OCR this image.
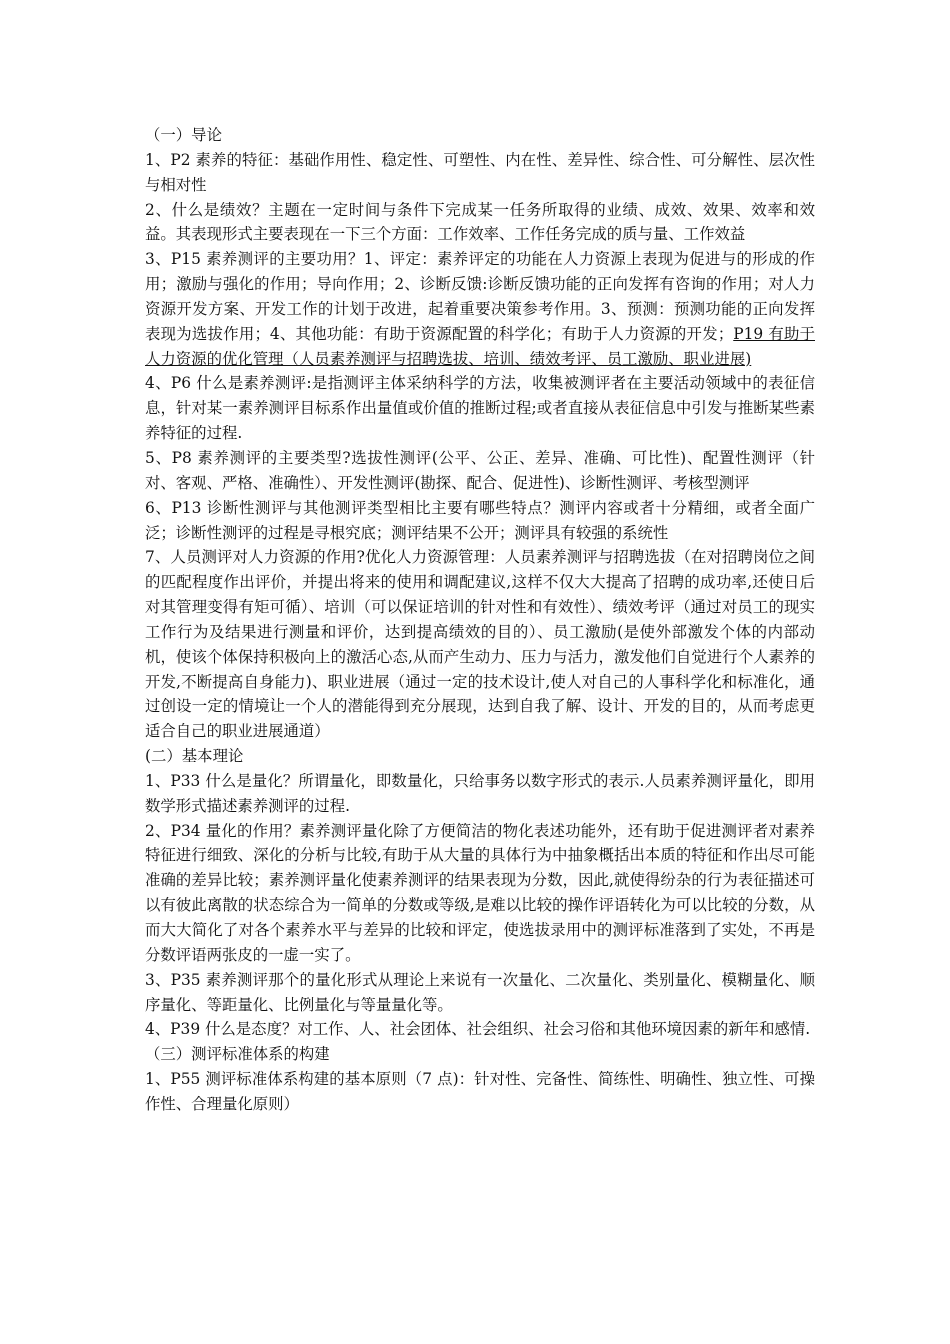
（一）导论

1、P2 素养的特征：基础作用性、稳定性、可塑性、内在性、差异性、综合性、可分解性、层次性与相对性

2、什么是绩效？主题在一定时间与条件下完成某一任务所取得的业绩、成效、效果、效率和效益。其表现形式主要表现在一下三个方面：工作效率、工作任务完成的质与量、工作效益

3、P15 素养测评的主要功用？1、评定：素养评定的功能在人力资源上表现为促进与的形成的作用；激励与强化的作用；导向作用；2、诊断反馈:诊断反馈功能的正向发挥有咨询的作用；对人力资源开发方案、开发工作的计划于改进，起着重要决策参考作用。3、预测：预测功能的正向发挥表现为选拔作用；4、其他功能：有助于资源配置的科学化；有助于人力资源的开发；P19 有助于人力资源的优化管理（人员素养测评与招聘选拔、培训、绩效考评、员工激励、职业进展)

4、P6 什么是素养测评:是指测评主体采纳科学的方法，收集被测评者在主要活动领域中的表征信息，针对某一素养测评目标系作出量值或价值的推断过程;或者直接从表征信息中引发与推断某些素养特征的过程.

5、P8 素养测评的主要类型?选拔性测评(公平、公正、差异、准确、可比性)、配置性测评（针对、客观、严格、准确性）、开发性测评(勘探、配合、促进性)、诊断性测评、考核型测评

6、P13 诊断性测评与其他测评类型相比主要有哪些特点？测评内容或者十分精细，或者全面广泛；诊断性测评的过程是寻根究底；测评结果不公开；测评具有较强的系统性

7、人员测评对人力资源的作用?优化人力资源管理：人员素养测评与招聘选拔（在对招聘岗位之间的匹配程度作出评价，并提出将来的使用和调配建议,这样不仅大大提高了招聘的成功率,还使日后对其管理变得有矩可循）、培训（可以保证培训的针对性和有效性）、绩效考评（通过对员工的现实工作行为及结果进行测量和评价，达到提高绩效的目的）、员工激励(是使外部激发个体的内部动机，使该个体保持积极向上的激活心态,从而产生动力、压力与活力，激发他们自觉进行个人素养的开发,不断提高自身能力)、职业进展（通过一定的技术设计,使人对自己的人事科学化和标准化，通过创设一定的情境让一个人的潜能得到充分展现，达到自我了解、设计、开发的目的，从而考虑更适合自己的职业进展通道）

(二）基本理论

1、P33 什么是量化？所谓量化，即数量化，只给事务以数字形式的表示.人员素养测评量化，即用数学形式描述素养测评的过程.

2、P34 量化的作用？素养测评量化除了方便简洁的物化表述功能外，还有助于促进测评者对素养特征进行细致、深化的分析与比较,有助于从大量的具体行为中抽象概括出本质的特征和作出尽可能准确的差异比较；素养测评量化使素养测评的结果表现为分数，因此,就使得纷杂的行为表征描述可以有彼此离散的状态综合为一简单的分数或等级,是难以比较的操作评语转化为可以比较的分数，从而大大简化了对各个素养水平与差异的比较和评定，使选拔录用中的测评标准落到了实处，不再是分数评语两张皮的一虚一实了。

3、P35 素养测评那个的量化形式从理论上来说有一次量化、二次量化、类别量化、模糊量化、顺序量化、等距量化、比例量化与等量量化等。

4、P39 什么是态度？对工作、人、社会团体、社会组织、社会习俗和其他环境因素的新年和感情.

（三）测评标准体系的构建

1、P55 测评标准体系构建的基本原则（7 点)：针对性、完备性、简练性、明确性、独立性、可操作性、合理量化原则）
